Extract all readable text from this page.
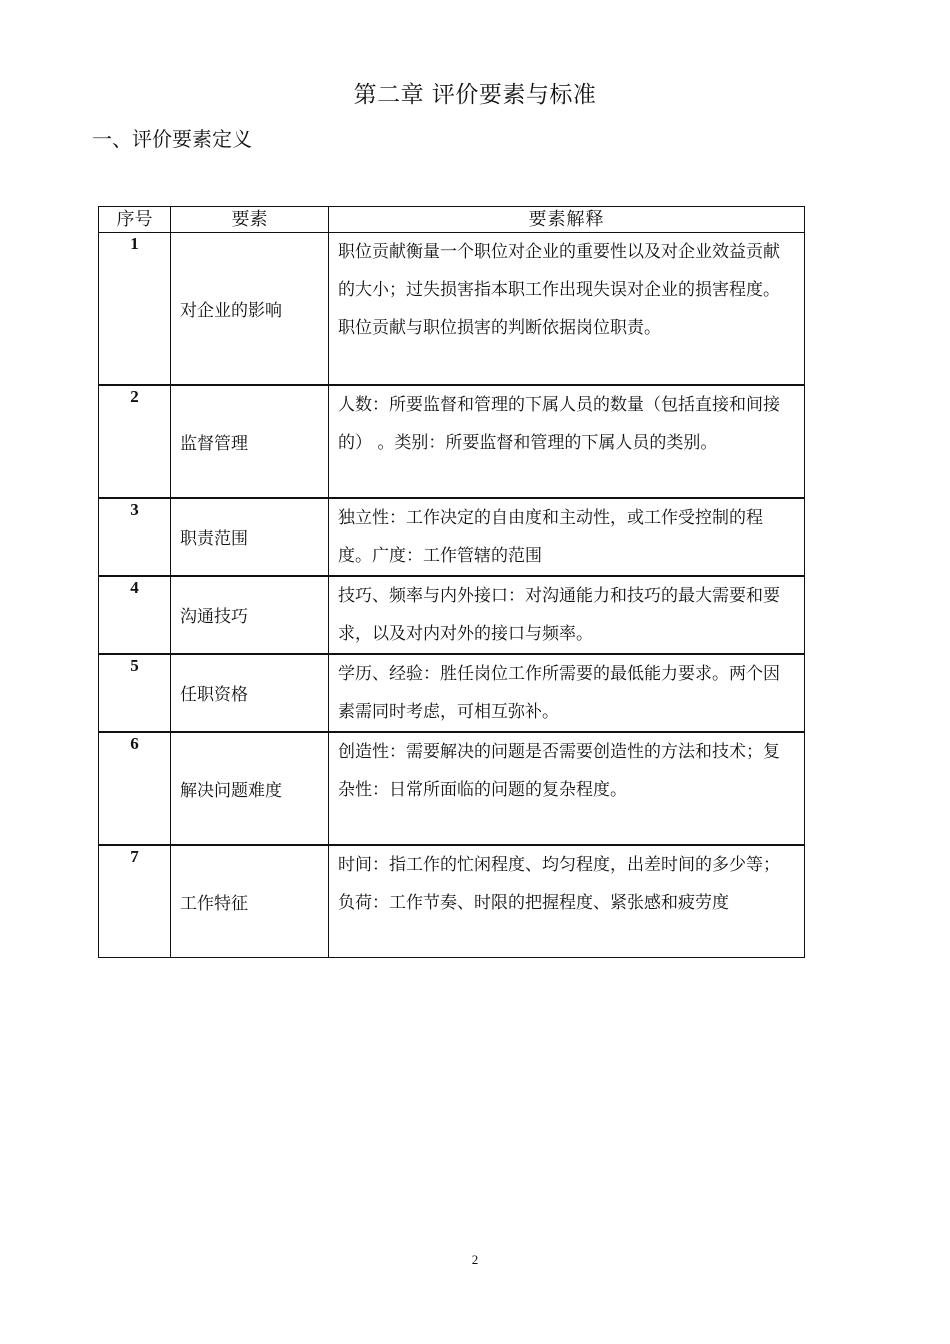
第二章 评价要素与标准
一、评价要素定义
序号	要素	要素解释
1	对企业的影响	职位贡献衡量一个职位对企业的重要性以及对企业效益贡献的大小；过失损害指本职工作出现失误对企业的损害程度。职位贡献与职位损害的判断依据岗位职责。
2	监督管理	人数：所要监督和管理的下属人员的数量（包括直接和间接的） 。类别：所要监督和管理的下属人员的类别。
3	职责范围	独立性：工作决定的自由度和主动性，或工作受控制的程度。广度：工作管辖的范围
4	沟通技巧	技巧、频率与内外接口：对沟通能力和技巧的最大需要和要求，以及对内对外的接口与频率。
5	任职资格	学历、经验：胜任岗位工作所需要的最低能力要求。两个因素需同时考虑，可相互弥补。
6	解决问题难度	创造性：需要解决的问题是否需要创造性的方法和技术；复杂性：日常所面临的问题的复杂程度。
7	工作特征	时间：指工作的忙闲程度、均匀程度，出差时间的多少等；负荷：工作节奏、时限的把握程度、紧张感和疲劳度
2
